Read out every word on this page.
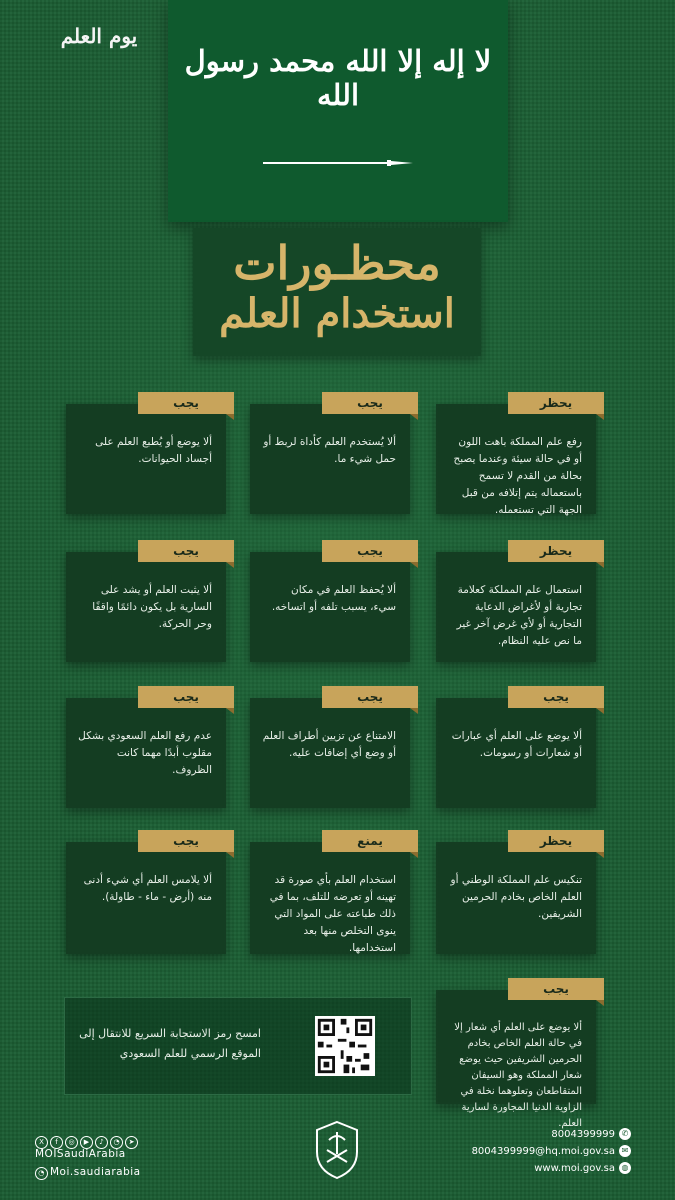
يوم العلم
لا إله إلا الله محمد رسول الله
محظـورات
استخدام العلم
رفع علم المملكة باهت اللون أو في حالة سيئة وعندما يصبح بحالة من القدم لا تسمح باستعماله يتم إتلافه من قبل الجهة التي تستعمله.
يحظر
ألا يُستخدم العلم كأداة لربط أو حمل شيء ما.
يجب
ألا يوضع أو يُطبع العلم على أجساد الحيوانات.
يجب
استعمال علم المملكة كعلامة تجارية أو لأغراض الدعاية التجارية أو لأي غرض آخر غير ما نص عليه النظام.
يحظر
ألا يُحفظ العلم في مكان سيء، يسبب تلفه أو اتساخه.
يجب
ألا يثبت العلم أو يشد على السارية بل يكون دائمًا واقفًا وحر الحركة.
يجب
ألا يوضع على العلم أي عبارات أو شعارات أو رسومات.
يجب
الامتناع عن تزيين أطراف العلم أو وضع أي إضافات عليه.
يجب
عدم رفع العلم السعودي بشكل مقلوب أبدًا مهما كانت الظروف.
يجب
تنكيس علم المملكة الوطني أو العلم الخاص بخادم الحرمين الشريفين.
يحظر
استخدام العلم بأي صورة قد تهينه أو تعرضه للتلف، بما في ذلك طباعته على المواد التي ينوى التخلص منها بعد استخدامها.
يمنع
ألا يلامس العلم أي شيء أدنى منه (أرض - ماء - طاولة).
يجب
ألا يوضع على العلم أي شعار إلا في حالة العلم الخاص بخادم الحرمين الشريفين حيث يوضع شعار المملكة وهو السيفان المتقاطعان وتعلوهما نخلة في الزاوية الدنيا المجاورة لسارية العلم.
يجب
امسح رمز الاستجابة السريع للانتقال إلى الموقع الرسمي للعلم السعودي
X f ◎ ▶ ♪ ◔ ➤
MOISaudiArabia
◔ Moi.saudiarabia
8004399999 ✆
8004399999@hq.moi.gov.sa ✉
www.moi.gov.sa ◍
